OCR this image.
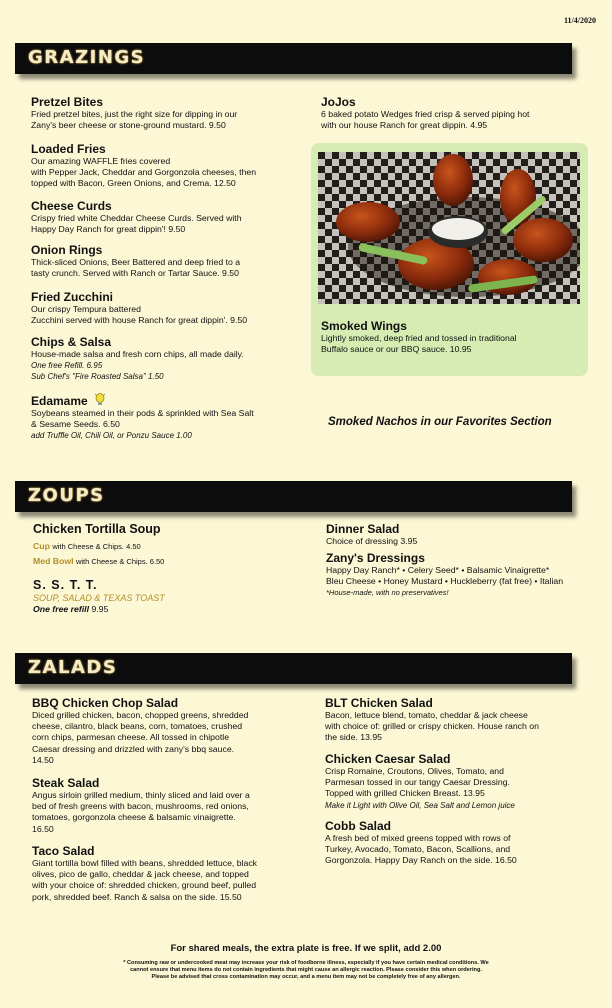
11/4/2020
GRAZINGS
Pretzel Bites
Fried pretzel bites, just the right size for dipping in our
Zany's beer cheese or stone-ground mustard. 9.50
Loaded Fries
Our amazing WAFFLE fries covered
with Pepper Jack, Cheddar and Gorgonzola cheeses, then
topped with Bacon, Green Onions, and Crema. 12.50
Cheese Curds
Crispy fried white Cheddar Cheese Curds. Served with
Happy Day Ranch for great dippin'! 9.50
Onion Rings
Thick-sliced Onions, Beer Battered and deep fried to a
tasty crunch. Served with Ranch or Tartar Sauce. 9.50
Fried Zucchini
Our crispy Tempura battered
Zucchini served with house Ranch for great dippin'. 9.50
Chips & Salsa
House-made salsa and fresh corn chips, all made daily.
One free Refill. 6.95
Sub Chef's "Fire Roasted Salsa" 1.50
Edamame
Soybeans steamed in their pods & sprinkled with Sea Salt
& Sesame Seeds. 6.50
add Truffle Oil, Chili Oil, or Ponzu Sauce 1.00
JoJos
6 baked potato Wedges fried crisp & served piping hot
with our house Ranch for great dippin. 4.95
Smoked Wings
Lightly smoked, deep fried and tossed in traditional
Buffalo sauce or our BBQ sauce. 10.95
Smoked Nachos in our Favorites Section
ZOUPS
Chicken Tortilla Soup
Cup with Cheese & Chips. 4.50
Med Bowl with Cheese & Chips. 6.50
S. S. T. T.
SOUP, SALAD & TEXAS TOAST
One free refill 9.95
Dinner Salad
Choice of dressing 3.95
Zany's Dressings
Happy Day Ranch* • Celery Seed* • Balsamic Vinaigrette*
Bleu Cheese • Honey Mustard • Huckleberry (fat free) • Italian
*House-made, with no preservatives!
ZALADS
BBQ Chicken Chop Salad
Diced grilled chicken, bacon, chopped greens, shredded
cheese, cilantro, black beans, corn, tomatoes, crushed
corn chips, parmesan cheese. All tossed in chipotle
Caesar dressing and drizzled with zany's bbq sauce.
14.50
Steak Salad
Angus sirloin grilled medium, thinly sliced and laid over a
bed of fresh greens with bacon, mushrooms, red onions,
tomatoes, gorgonzola cheese & balsamic vinaigrette.
16.50
Taco Salad
Giant tortilla bowl filled with beans, shredded lettuce, black
olives, pico de gallo, cheddar & jack cheese, and topped
with your choice of: shredded chicken, ground beef, pulled
pork, shredded beef. Ranch & salsa on the side. 15.50
BLT Chicken Salad
Bacon, lettuce blend, tomato, cheddar & jack cheese
with choice of: grilled or crispy chicken. House ranch on
the side. 13.95
Chicken Caesar Salad
Crisp Romaine, Croutons, Olives, Tomato, and
Parmesan tossed in our tangy Caesar Dressing.
Topped with grilled Chicken Breast. 13.95
Make it Light with Olive Oil, Sea Salt and Lemon juice
Cobb Salad
A fresh bed of mixed greens topped with rows of
Turkey, Avocado, Tomato, Bacon, Scallions, and
Gorgonzola. Happy Day Ranch on the side. 16.50
For shared meals, the extra plate is free. If we split, add 2.00
* Consuming raw or undercooked meat may increase your risk of foodborne illness, especially if you have certain medical conditions. We
cannot ensure that menu items do not contain ingredients that might cause an allergic reaction. Please consider this when ordering.
Please be advised that cross contamination may occur, and a menu item may not be completely free of any allergen.
